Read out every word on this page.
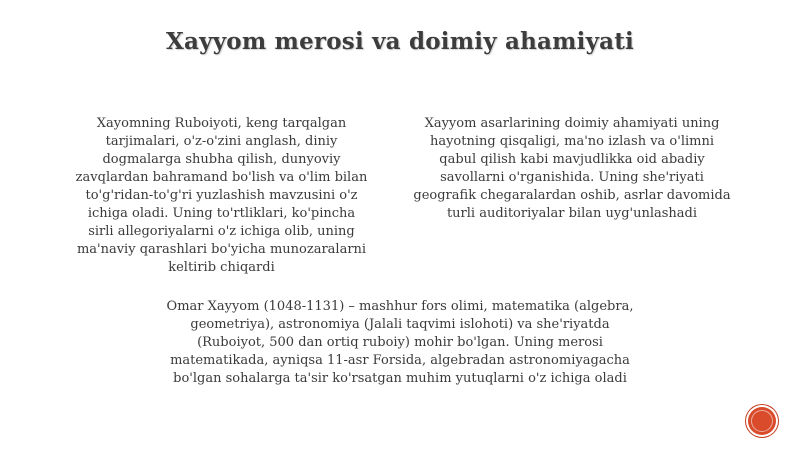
Xayyom merosi va doimiy ahamiyati
Xayomning Ruboiyoti, keng tarqalgan
tarjimalari, o'z-o'zini anglash, diniy
dogmalarga shubha qilish, dunyoviy
zavqlardan bahramand bo'lish va o'lim bilan
to'g'ridan-to'g'ri yuzlashish mavzusini o'z
ichiga oladi. Uning to'rtliklari, ko'pincha
sirli allegoriyalarni o'z ichiga olib, uning
ma'naviy qarashlari bo'yicha munozaralarni
keltirib chiqardi
Xayyom asarlarining doimiy ahamiyati uning
hayotning qisqaligi, ma'no izlash va o'limni
qabul qilish kabi mavjudlikka oid abadiy
savollarni o'rganishida. Uning she'riyati
geografik chegaralardan oshib, asrlar davomida
turli auditoriyalar bilan uyg'unlashadi
Omar Xayyom (1048-1131) – mashhur fors olimi, matematika (algebra,
geometriya), astronomiya (Jalali taqvimi islohoti) va she'riyatda
(Ruboiyot, 500 dan ortiq ruboiy) mohir bo'lgan. Uning merosi
matematikada, ayniqsa 11-asr Forsida, algebradan astronomiyagacha
bo'lgan sohalarga ta'sir ko'rsatgan muhim yutuqlarni o'z ichiga oladi
